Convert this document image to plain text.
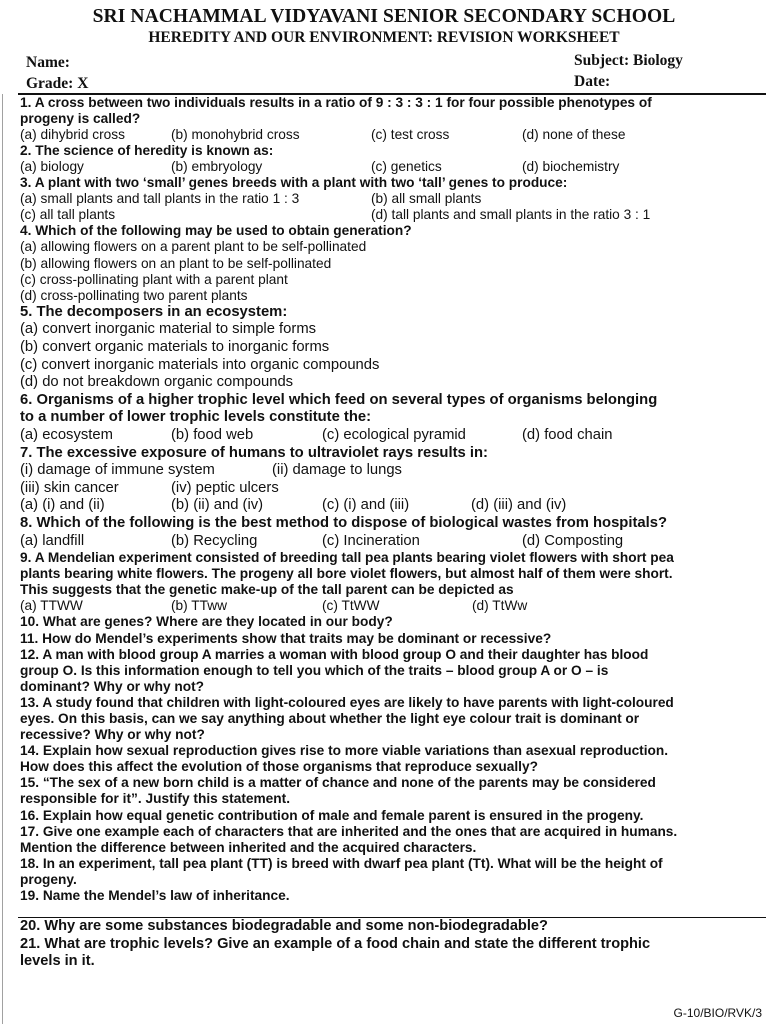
SRI NACHAMMAL VIDYAVANI SENIOR SECONDARY SCHOOL
HEREDITY AND OUR ENVIRONMENT: REVISION WORKSHEET
Name:
Grade: X
Subject: Biology
Date:
1. A cross between two individuals results in a ratio of 9 : 3 : 3 : 1 for four possible phenotypes of
progeny is called?
(a) dihybrid cross	(b) monohybrid cross	(c) test cross	(d) none of these
2. The science of heredity is known as:
(a) biology	(b) embryology	(c) genetics	(d) biochemistry
3. A plant with two ‘small’ genes breeds with a plant with two ‘tall’ genes to produce:
(a) small plants and tall plants in the ratio 1 : 3	(b) all small plants
(c) all tall plants	(d) tall plants and small plants in the ratio 3 : 1
4. Which of the following may be used to obtain generation?
(a) allowing flowers on a parent plant to be self-pollinated
(b) allowing flowers on an plant to be self-pollinated
(c) cross-pollinating plant with a parent plant
(d) cross-pollinating two parent plants
5. The decomposers in an ecosystem:
(a) convert inorganic material to simple forms
(b) convert organic materials to inorganic forms
(c) convert inorganic materials into organic compounds
(d) do not breakdown organic compounds
6. Organisms of a higher trophic level which feed on several types of organisms belonging
to a number of lower trophic levels constitute the:
(a) ecosystem	(b) food web	(c) ecological pyramid	(d) food chain
7. The excessive exposure of humans to ultraviolet rays results in:
(i) damage of immune system	(ii) damage to lungs
(iii) skin cancer	(iv) peptic ulcers
(a) (i) and (ii)	(b) (ii) and (iv)	(c) (i) and (iii)	(d) (iii) and (iv)
8. Which of the following is the best method to dispose of biological wastes from hospitals?
(a) landfill	(b) Recycling	(c) Incineration	(d) Composting
9. A Mendelian experiment consisted of breeding tall pea plants bearing violet flowers with short pea
plants bearing white flowers. The progeny all bore violet flowers, but almost half of them were short.
This suggests that the genetic make-up of the tall parent can be depicted as
(a) TTWW	(b) TTww	(c) TtWW	(d) TtWw
10. What are genes? Where are they located in our body?
11. How do Mendel’s experiments show that traits may be dominant or recessive?
12. A man with blood group A marries a woman with blood group O and their daughter has blood
group O. Is this information enough to tell you which of the traits – blood group A or O – is
dominant? Why or why not?
13. A study found that children with light-coloured eyes are likely to have parents with light-coloured
eyes. On this basis, can we say anything about whether the light eye colour trait is dominant or
recessive? Why or why not?
14. Explain how sexual reproduction gives rise to more viable variations than asexual reproduction.
How does this affect the evolution of those organisms that reproduce sexually?
15. “The sex of a new born child is a matter of chance and none of the parents may be considered
responsible for it”. Justify this statement.
16. Explain how equal genetic contribution of male and female parent is ensured in the progeny.
17. Give one example each of characters that are inherited and the ones that are acquired in humans.
Mention the difference between inherited and the acquired characters.
18. In an experiment, tall pea plant (TT) is breed with dwarf pea plant (Tt). What will be the height of
progeny.
19. Name the Mendel’s law of inheritance.
20. Why are some substances biodegradable and some non-biodegradable?
21. What are trophic levels? Give an example of a food chain and state the different trophic
levels in it.
G-10/BIO/RVK/3
